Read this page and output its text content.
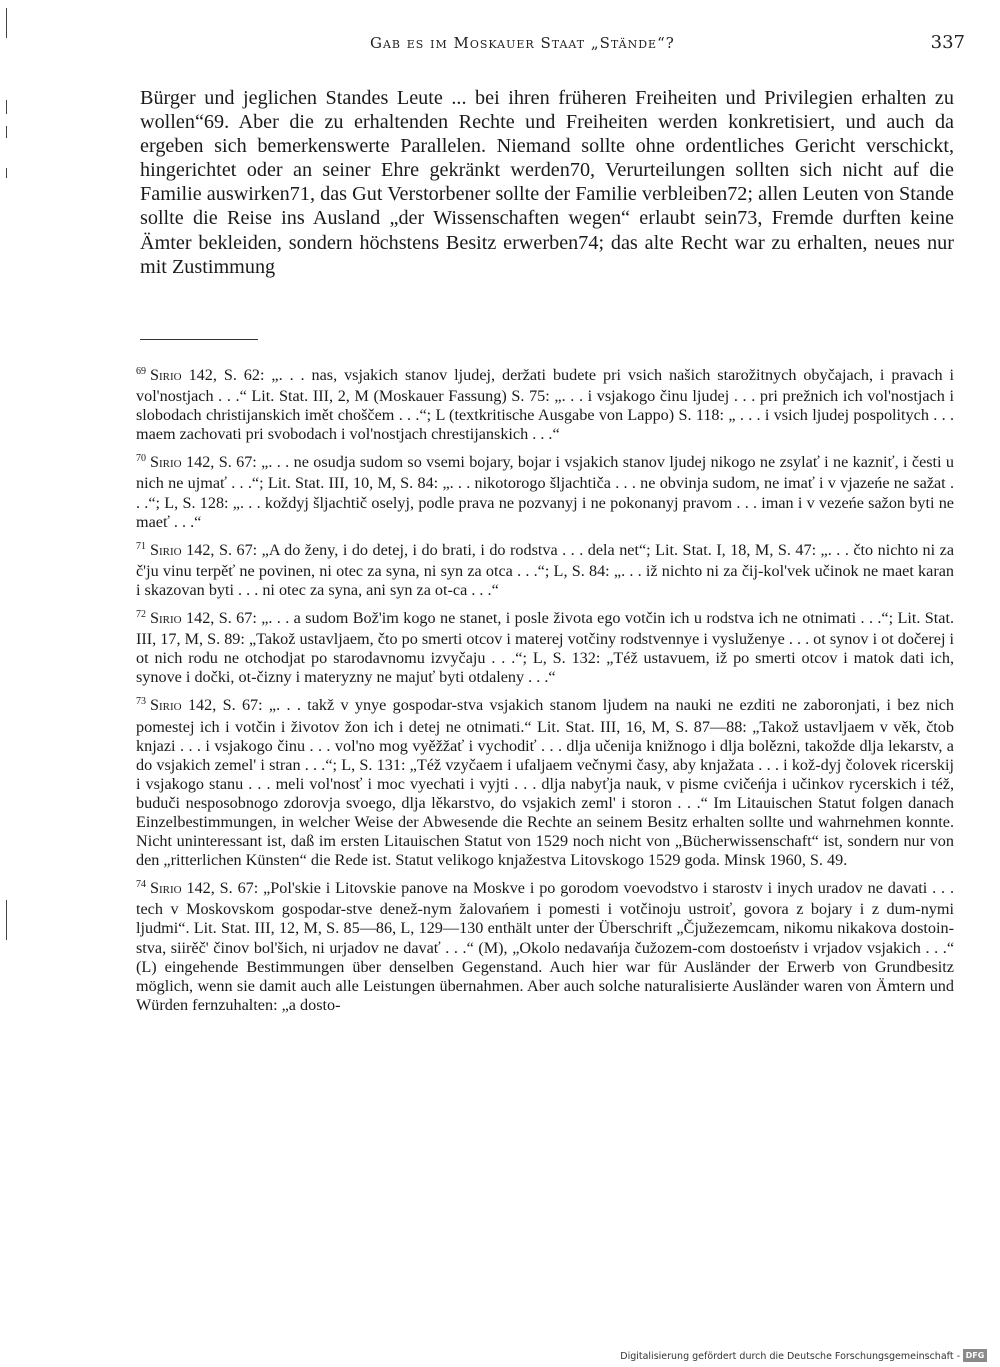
Gab es im Moskauer Staat „Stände“?	337

Bürger und jeglichen Standes Leute ... bei ihren früheren Freiheiten und Privilegien erhalten zu wollen“69. Aber die zu erhaltenden Rechte und Freiheiten werden konkretisiert, und auch da ergeben sich bemerkenswerte Parallelen. Niemand sollte ohne ordentliches Gericht verschickt, hingerichtet oder an seiner Ehre gekränkt werden70, Verurteilungen sollten sich nicht auf die Familie auswirken71, das Gut Verstorbener sollte der Familie verbleiben72; allen Leuten von Stande sollte die Reise ins Ausland „der Wissenschaften wegen“ erlaubt sein73, Fremde durften keine Ämter bekleiden, sondern höchstens Besitz erwerben74; das alte Recht war zu erhalten, neues nur mit Zustimmung

$^{69}$ Sirio 142, S. 62: „. . . nas, vsjakich stanov ljudej, deržati budete pri vsich našich starožitnych obyčajach, i pravach i vol'nostjach . . .“ Lit. Stat. III, 2, M (Moskauer Fassung) S. 75: „. . . i vsjakogo činu ljudej . . . pri prežnich ich vol'nostjach i slobodach christijanskich imět choščem . . .“; L (textkritische Ausgabe von Lappo) S. 118: „ . . . i vsich ljudej pospolitych . . . maem zachovati pri svobodach i vol'nostjach chrestijanskich . . .“

$^{70}$ Sirio 142, S. 67: „. . . ne osudja sudom so vsemi bojary, bojar i vsjakich stanov ljudej nikogo ne zsylať i ne kazniť, i česti u nich ne ujmať . . .“; Lit. Stat. III, 10, M, S. 84: „. . . nikotorogo šljachtiča . . . ne obvinja sudom, ne imať i v vjazeńe ne sažat . . .“; L, S. 128: „. . . koždyj šljachtič oselyj, podle prava ne pozvanyj i ne pokonanyj pravom . . . iman i v vezeńe sažon byti ne maeť . . .“

$^{71}$ Sirio 142, S. 67: „A do ženy, i do detej, i do brati, i do rodstva . . . dela net“; Lit. Stat. I, 18, M, S. 47: „. . . čto nichto ni za č'ju vinu terpěť ne povinen, ni otec za syna, ni syn za otca . . .“; L, S. 84: „. . . iž nichto ni za čij-kol'vek učinok ne maet karan i skazovan byti . . . ni otec za syna, ani syn za ot-ca . . .“

$^{72}$ Sirio 142, S. 67: „. . . a sudom Bož'im kogo ne stanet, i posle života ego votčin ich u rodstva ich ne otnimati . . .“; Lit. Stat. III, 17, M, S. 89: „Takož ustavljaem, čto po smerti otcov i materej votčiny rodstvennye i vysluženye . . . ot synov i ot dočerej i ot nich rodu ne otchodjat po starodavnomu izvyčaju . . .“; L, S. 132: „Též ustavuem, iž po smerti otcov i matok dati ich, synove i dočki, ot-čizny i materyzny ne majuť byti otdaleny . . .“

$^{73}$ Sirio 142, S. 67: „. . . takž v ynye gospodar-stva vsjakich stanom ljudem na nauki ne ezditi ne zaboronjati, i bez nich pomestej ich i votčin i životov žon ich i detej ne otnimati.“ Lit. Stat. III, 16, M, S. 87—88: „Takož ustavljaem v věk, čtob knjazi . . . i vsjakogo činu . . . vol'no mog vyěžžať i vychodiť . . . dlja učenija knižnogo i dlja bolězni, takožde dlja lekarstv, a do vsjakich zemel' i stran . . .“; L, S. 131: „Též vzyčaem i ufaljaem večnymi časy, aby knjažata . . . i kož-dyj čolovek ricerskij i vsjakogo stanu . . . meli vol'nosť i moc vyechati i vyjti . . . dlja nabyťja nauk, v pisme cvičeńja i učinkov rycerskich i též, buduči nesposobnogo zdorovja svoego, dlja lěkarstvo, do vsjakich zeml' i storon . . .“ Im Litauischen Statut folgen danach Einzelbestimmungen, in welcher Weise der Abwesende die Rechte an seinem Besitz erhalten sollte und wahrnehmen konnte. Nicht uninteressant ist, daß im ersten Litauischen Statut von 1529 noch nicht von „Bücherwissenschaft“ ist, sondern nur von den „ritterlichen Künsten“ die Rede ist. Statut velikogo knjažestva Litovskogo 1529 goda. Minsk 1960, S. 49.

$^{74}$ Sirio 142, S. 67: „Pol'skie i Litovskie panove na Moskve i po gorodom voevodstvo i starostv i inych uradov ne davati . . . tech v Moskovskom gospodar-stve denež-nym žalovańem i pomesti i votčinoju ustroiť, govora z bojary i z dum-nymi ljudmi“. Lit. Stat. III, 12, M, S. 85—86, L, 129—130 enthält unter der Überschrift „Čjužezemcam, nikomu nikakova dostoin-stva, siirěč' činov bol'šich, ni urjadov ne davať . . .“ (M), „Okolo nedavańja čužozem-com dostoeństv i vrjadov vsjakich . . .“ (L) eingehende Bestimmungen über denselben Gegenstand. Auch hier war für Ausländer der Erwerb von Grundbesitz möglich, wenn sie damit auch alle Leistungen übernahmen. Aber auch solche naturalisierte Ausländer waren von Ämtern und Würden fernzuhalten: „a dosto-

Digitalisierung gefördert durch die Deutsche Forschungsgemeinschaft - DFG
